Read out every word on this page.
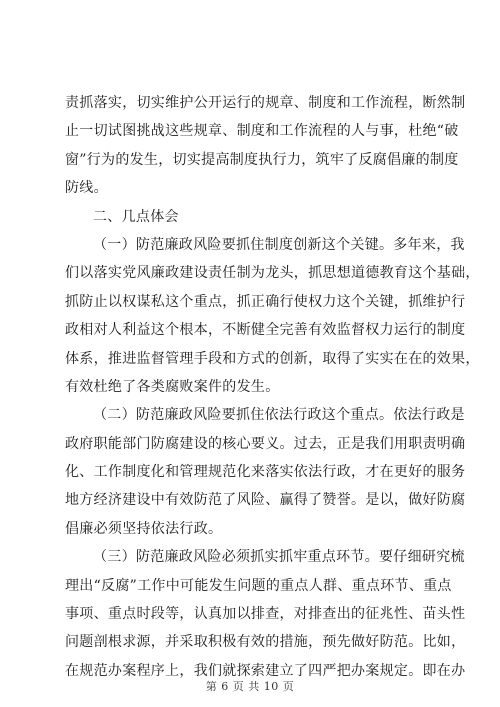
责抓落实，切实维护公开运行的规章、制度和工作流程，断然制
止一切试图挑战这些规章、制度和工作流程的人与事，杜绝“破
窗”行为的发生，切实提高制度执行力，筑牢了反腐倡廉的制度
防线。
二、几点体会
（一）防范廉政风险要抓住制度创新这个关键。多年来，我
们以落实党风廉政建设责任制为龙头，抓思想道德教育这个基础，
抓防止以权谋私这个重点，抓正确行使权力这个关键，抓维护行
政相对人利益这个根本，不断健全完善有效监督权力运行的制度
体系，推进监督管理手段和方式的创新，取得了实实在在的效果，
有效杜绝了各类腐败案件的发生。
（二）防范廉政风险要抓住依法行政这个重点。依法行政是
政府职能部门防腐建设的核心要义。过去，正是我们用职责明确
化、工作制度化和管理规范化来落实依法行政，才在更好的服务
地方经济建设中有效防范了风险、赢得了赞誉。是以，做好防腐
倡廉必须坚持依法行政。
（三）防范廉政风险必须抓实抓牢重点环节。要仔细研究梳
理出“反腐”工作中可能发生问题的重点人群、重点环节、重点
事项、重点时段等，认真加以排查，对排查出的征兆性、苗头性
问题剖根求源，并采取积极有效的措施，预先做好防范。比如，
在规范办案程序上，我们就探索建立了四严把办案规定。即在办
第 6 页 共 10 页
